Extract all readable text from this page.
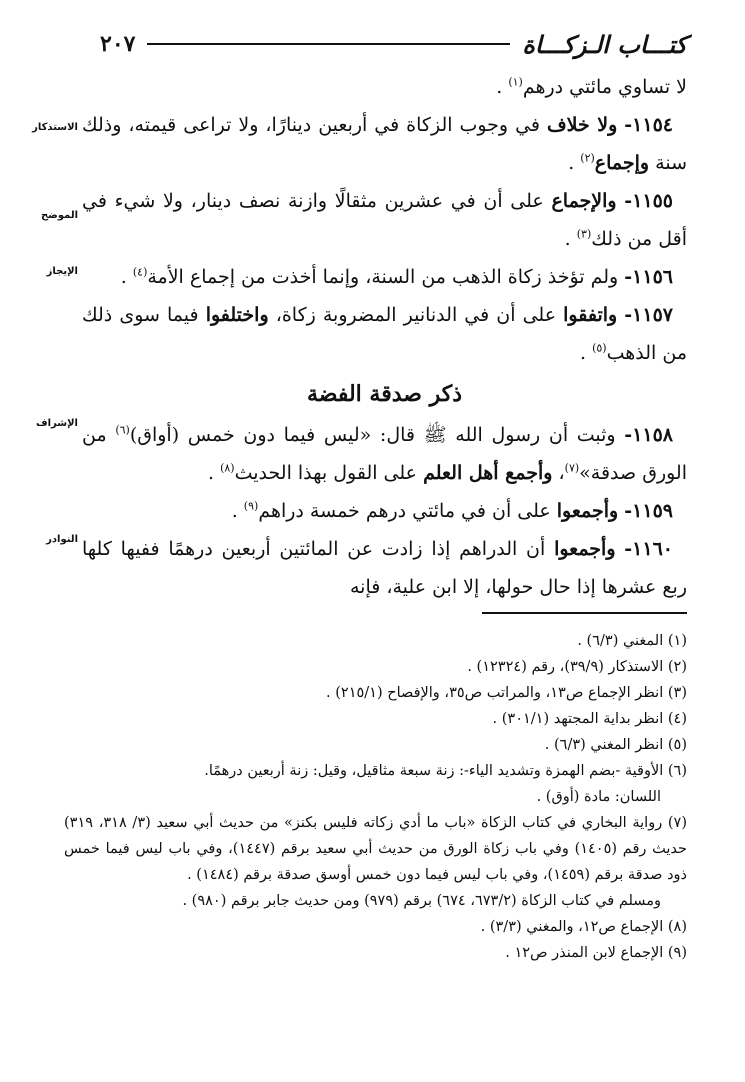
كتـــاب الـزكـــاة
٢٠٧
الاستذكار
الموضح
الإيجاز
الإشراف
النوادر

لا تساوي مائتي درهم$^{(١)}$ .

١١٥٤- ولا خلاف في وجوب الزكاة في أربعين دينارًا، ولا تراعى قيمته، وذلك سنة وإجماع$^{(٢)}$ .

١١٥٥- والإجماع على أن في عشرين مثقالًا وازنة نصف دينار، ولا شيء في أقل من ذلك$^{(٣)}$ .

١١٥٦- ولم تؤخذ زكاة الذهب من السنة، وإنما أخذت من إجماع الأمة$^{(٤)}$ .

١١٥٧- واتفقوا على أن في الدنانير المضروبة زكاة، واختلفوا فيما سوى ذلك من الذهب$^{(٥)}$ .

ذكر صدقة الفضة

١١٥٨- وثبت أن رسول الله ﷺ قال: «ليس فيما دون خمس (أواق)$^{(٦)}$ من الورق صدقة»$^{(٧)}$، وأجمع أهل العلم على القول بهذا الحديث$^{(٨)}$ .

١١٥٩- وأجمعوا على أن في مائتي درهم خمسة دراهم$^{(٩)}$ .

١١٦٠- وأجمعوا أن الدراهم إذا زادت عن المائتين أربعين درهمًا ففيها كلها ربع عشرها إذا حال حولها، إلا ابن علية، فإنه

(١) المغني (٦/٣) .

(٢) الاستذكار (٣٩/٩)، رقم (١٢٣٢٤) .

(٣) انظر الإجماع ص١٣، والمراتب ص٣٥، والإفصاح (٢١٥/١) .

(٤) انظر بداية المجتهد (٣٠١/١) .

(٥) انظر المغني (٦/٣) .

(٦) الأوقية -بضم الهمزة وتشديد الياء-: زنة سبعة مثاقيل، وقيل: زنة أربعين درهمًا.

اللسان: مادة (أوق) .

(٧) رواية البخاري في كتاب الزكاة «باب ما أدي زكاته فليس بكنز» من حديث أبي سعيد (٣/ ٣١٨، ٣١٩) حديث رقم (١٤٠٥) وفي باب زكاة الورق من حديث أبي سعيد برقم (١٤٤٧)، وفي باب ليس فيما خمس ذود صدقة برقم (١٤٥٩)، وفي باب ليس فيما دون خمس أوسق صدقة برقم (١٤٨٤) .

ومسلم في كتاب الزكاة (٦٧٣/٢، ٦٧٤) برقم (٩٧٩) ومن حديث جابر برقم (٩٨٠) .

(٨) الإجماع ص١٢، والمغني (٣/٣) .

(٩) الإجماع لابن المنذر ص١٢ .
